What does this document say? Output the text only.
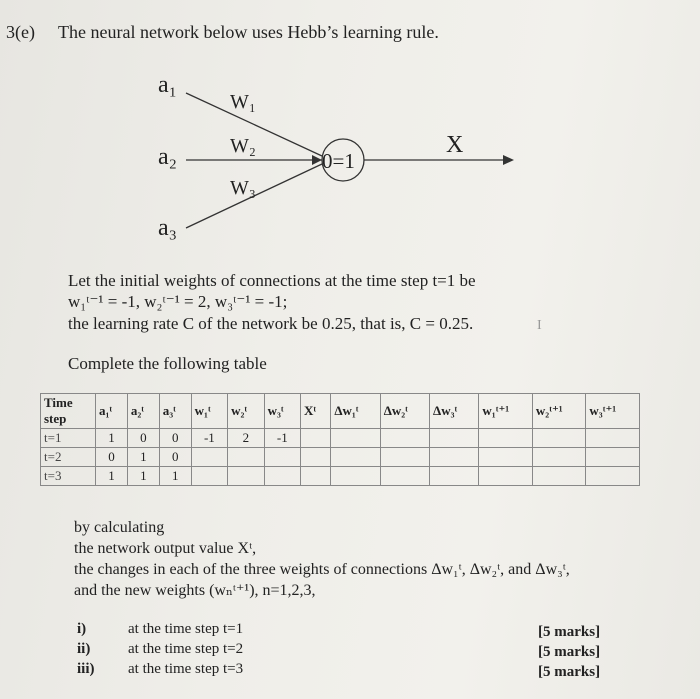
3(e) The neural network below uses Hebb’s learning rule.
a₁
a₂
a₃
W₁
W₂
W₃
0=1
X
Let the initial weights of connections at the time step t=1 be
w₁ᵗ⁻¹ = -1, w₂ᵗ⁻¹ = 2, w₃ᵗ⁻¹ = -1;
the learning rate C of the network be 0.25, that is, C = 0.25.
Complete the following table
I
Time step	a₁ᵗ	a₂ᵗ	a₃ᵗ	w₁ᵗ	w₂ᵗ	w₃ᵗ	Xᵗ	Δw₁ᵗ	Δw₂ᵗ	Δw₃ᵗ	w₁ᵗ⁺¹	w₂ᵗ⁺¹	w₃ᵗ⁺¹
t=1	1	0	0	-1	2	-1							
t=2	0	1	0										
t=3	1	1	1										
by calculating
the network output value Xᵗ,
the changes in each of the three weights of connections Δw₁ᵗ, Δw₂ᵗ, and Δw₃ᵗ,
and the new weights (wₙᵗ⁺¹), n=1,2,3,
i)	at the time step t=1	[5 marks]
ii)	at the time step t=2	[5 marks]
iii) at the time step t=3	[5 marks]
